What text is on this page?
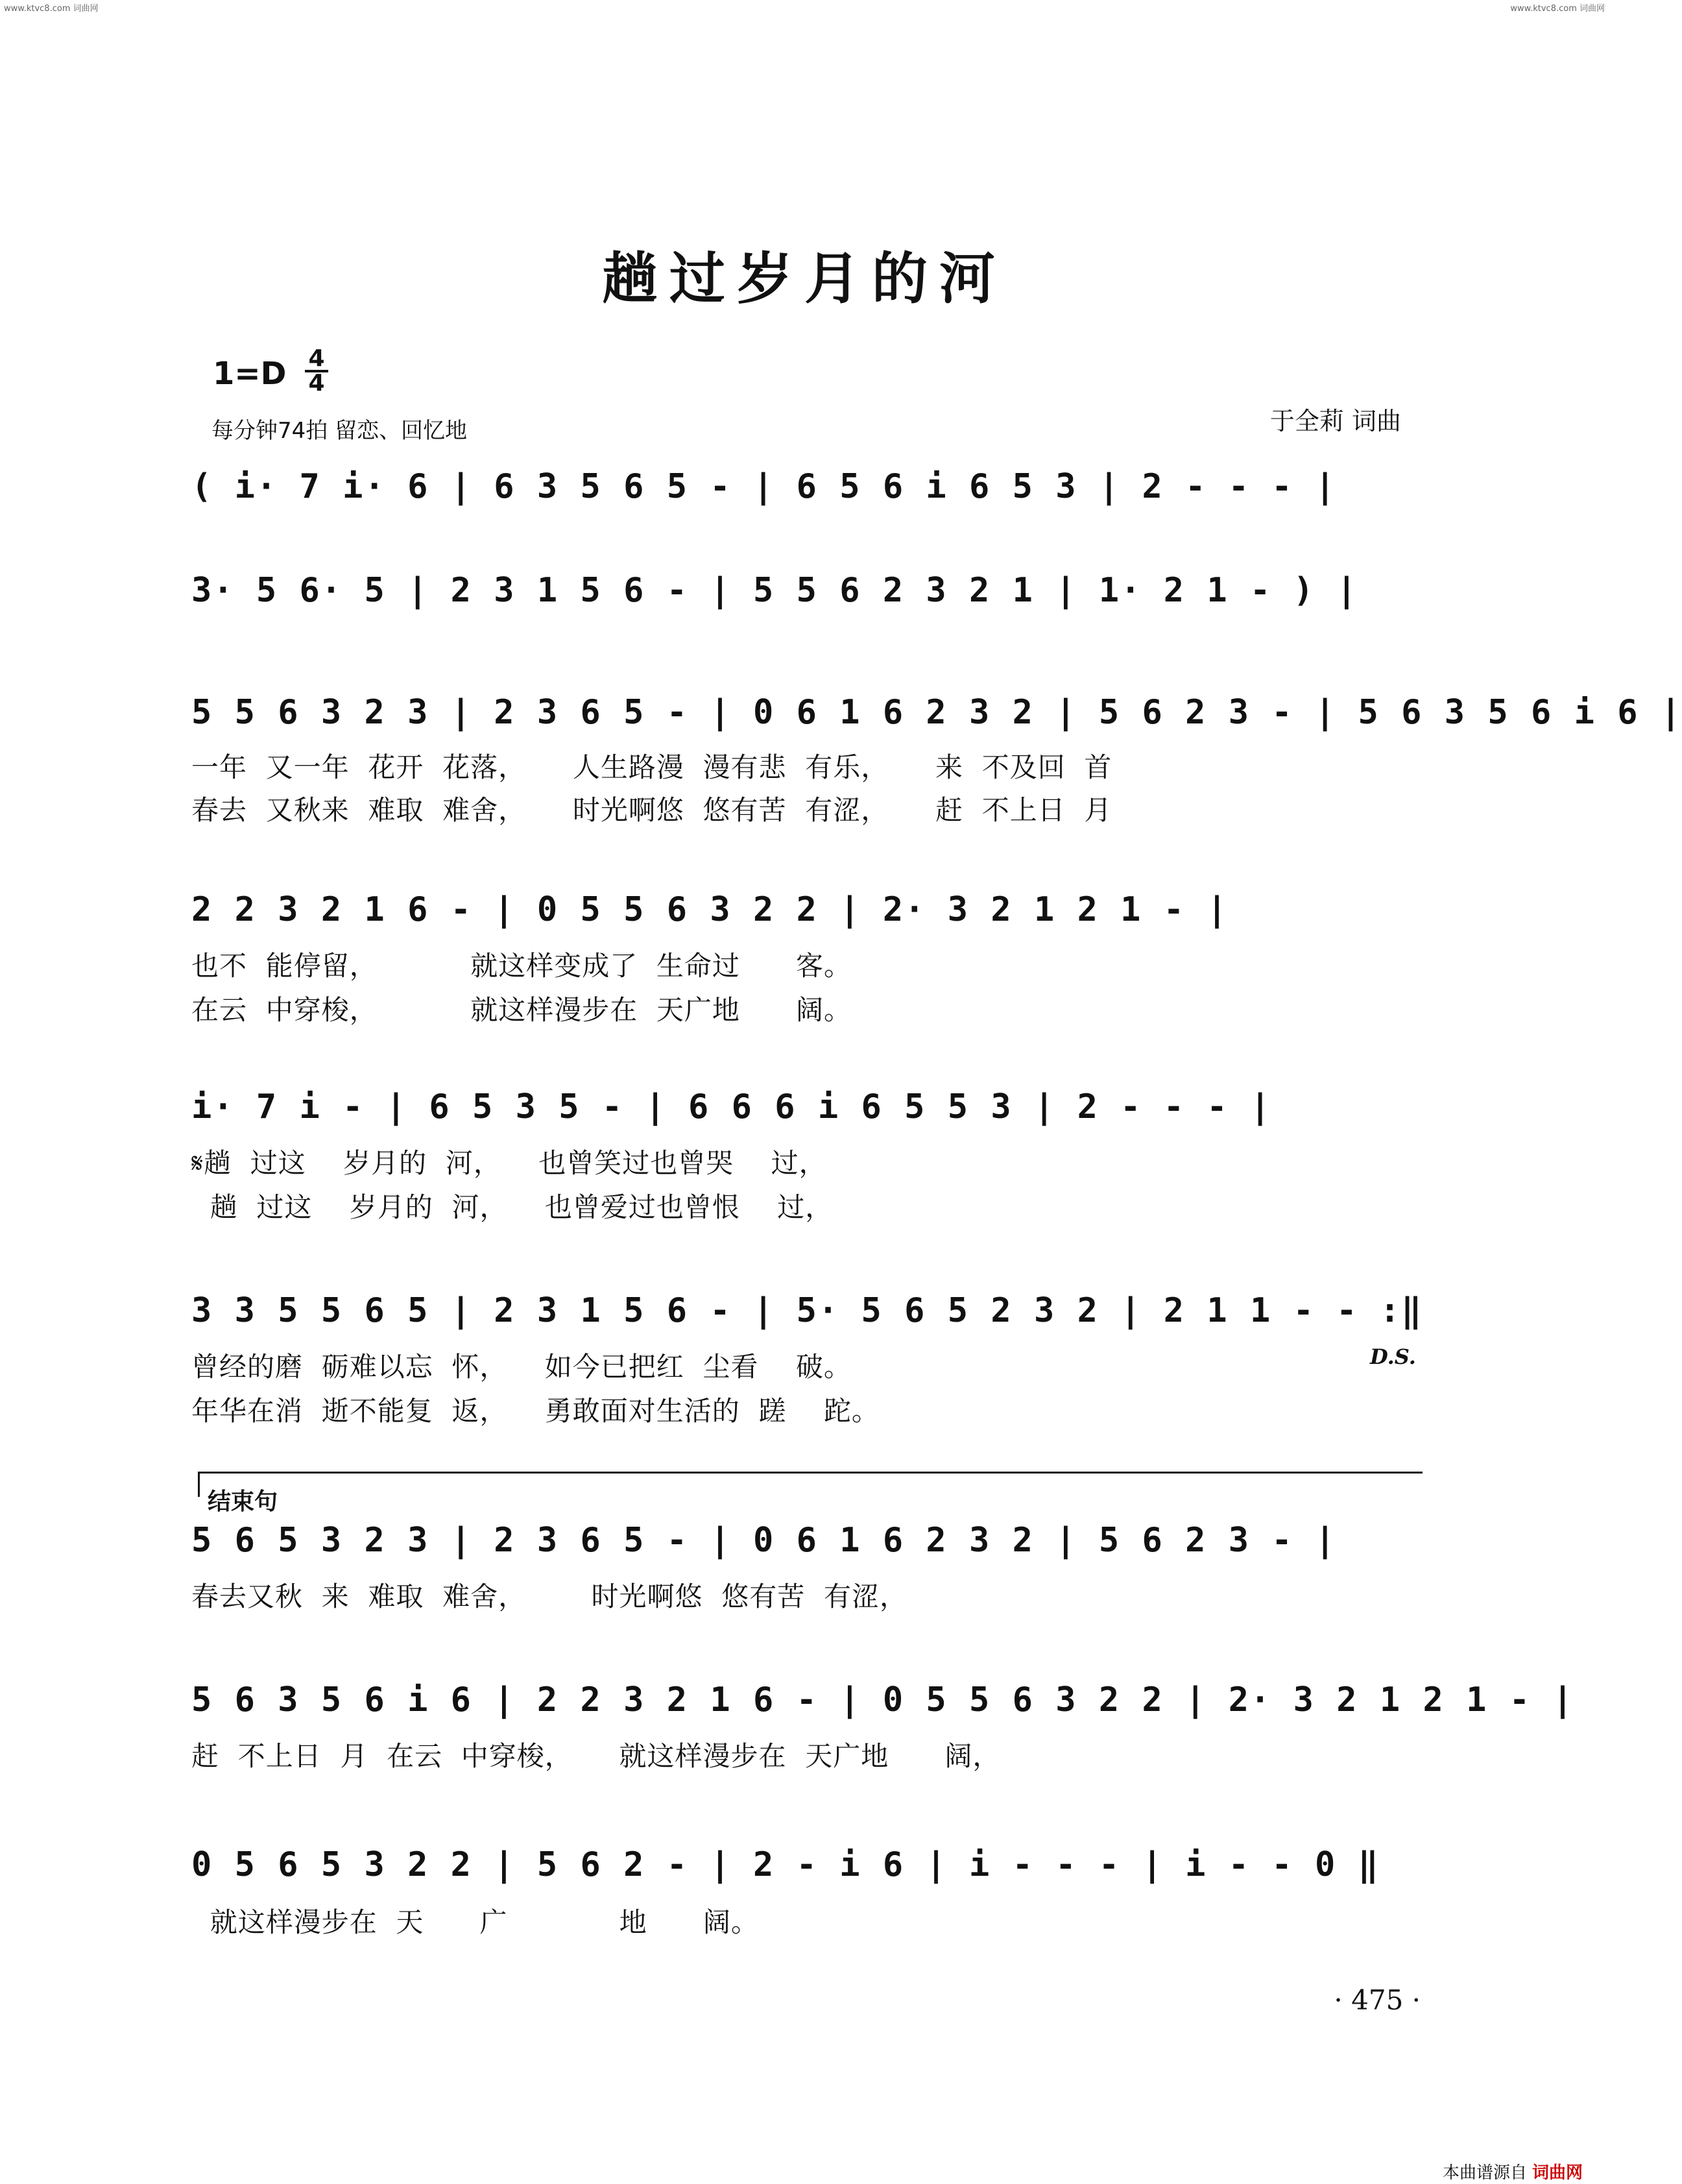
www.ktvc8.com 词曲网	www.ktvc8.com 词曲网
趟过岁月的河
1=D 4
4
每分钟74拍 留恋、回忆地	于全莉 词曲
( i· 7 i· 6 | 6 3 5 6 5 - | 6 5 6 i 6 5 3 | 2 - - - |
3· 5 6· 5 | 2 3 1 5 6 - | 5 5 6 2 3 2 1 | 1· 2 1 - ) |
5 5 6 3 2 3 | 2 3 6 5 - | 0 6 1 6 2 3 2 | 5 6 2 3 - | 5 6 3 5 6 i 6 |
一年  又一年  花开  花落，     人生路漫  漫有悲  有乐，     来  不及回  首
春去  又秋来  难取  难舍，     时光啊悠  悠有苦  有涩，     赶  不上日  月
2 2 3 2 1 6 - | 0 5 5 6 3 2 2 | 2· 3 2 1 2 1 - |
也不  能停留，          就这样变成了  生命过      客。
在云  中穿梭，          就这样漫步在  天广地      阔。
i· 7 i - | 6 5 3 5 - | 6 6 6 i 6 5 5 3 | 2 - - - |
𝄋趟  过这    岁月的  河，    也曾笑过也曾哭    过，
趟  过这    岁月的  河，    也曾爱过也曾恨    过，
3 3 5 5 6 5 | 2 3 1 5 6 - | 5· 5 6 5 2 3 2 | 2 1 1 - - :‖
曾经的磨  砺难以忘  怀，    如今已把红  尘看    破。
年华在消  逝不能复  返，    勇敢面对生活的  蹉    跎。
D.S.
结束句
5 6 5 3 2 3 | 2 3 6 5 - | 0 6 1 6 2 3 2 | 5 6 2 3 - |
春去又秋  来  难取  难舍，       时光啊悠  悠有苦  有涩，
5 6 3 5 6 i 6 | 2 2 3 2 1 6 - | 0 5 5 6 3 2 2 | 2· 3 2 1 2 1 - |
赶  不上日  月  在云  中穿梭，     就这样漫步在  天广地      阔，
0 5 6 5 3 2 2 | 5 6 2 - | 2 - i 6 | i - - - | i - - 0 ‖
就这样漫步在  天      广            地      阔。
· 475 ·
本曲谱源自 词曲网
